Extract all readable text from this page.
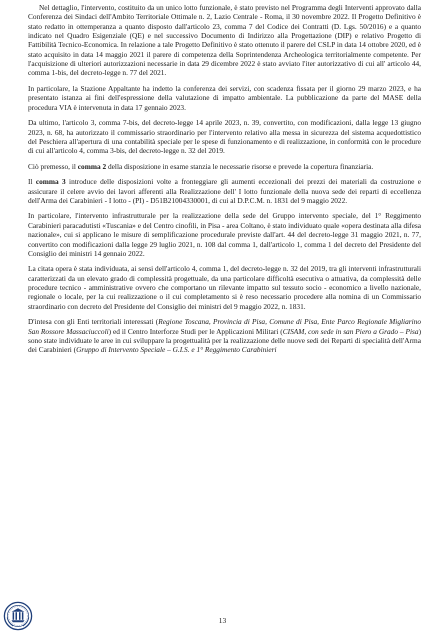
Nel dettaglio, l'intervento, costituito da un unico lotto funzionale, è stato previsto nel Programma degli Interventi approvato dalla Conferenza dei Sindaci dell'Ambito Territoriale Ottimale n. 2, Lazio Centrale - Roma, il 30 novembre 2022. Il Progetto Definitivo è stato redatto in ottemperanza a quanto disposto dall'articolo 23, comma 7 del Codice dei Contratti (D. Lgs. 50/2016) e a quanto indicato nel Quadro Esigenziale (QE) e nel successivo Documento di Indirizzo alla Progettazione (DIP) e relativo Progetto di Fattibilità Tecnico-Economica. In relazione a tale Progetto Definitivo è stato ottenuto il parere del CSLP in data 14 ottobre 2020, ed è stato acquisito in data 14 maggio 2021 il parere di competenza della Soprintendenza Archeologica territorialmente competente. Per l'acquisizione di ulteriori autorizzazioni necessarie in data 29 dicembre 2022 è stato avviato l'iter autorizzativo di cui all' articolo 44, comma 1-bis, del decreto-legge n. 77 del 2021.

In particolare, la Stazione Appaltante ha indetto la conferenza dei servizi, con scadenza fissata per il giorno 29 marzo 2023, e ha presentato istanza ai fini dell'espressione della valutazione di impatto ambientale. La pubblicazione da parte del MASE della procedura VIA è intervenuta in data 17 gennaio 2023.

Da ultimo, l'articolo 3, comma 7-bis, del decreto-legge 14 aprile 2023, n. 39, convertito, con modificazioni, dalla legge 13 giugno 2023, n. 68, ha autorizzato il commissario straordinario per l'intervento relativo alla messa in sicurezza del sistema acquedottistico del Peschiera all'apertura di una contabilità speciale per le spese di funzionamento e di realizzazione, in conformità con le procedure di cui all'articolo 4, comma 3-bis, del decreto-legge n. 32 del 2019.

Ciò premesso, il comma 2 della disposizione in esame stanzia le necessarie risorse e prevede la copertura finanziaria.

Il comma 3 introduce delle disposizioni volte a fronteggiare gli aumenti eccezionali dei prezzi dei materiali da costruzione e assicurare il celere avvio dei lavori afferenti alla Realizzazione dell' I lotto funzionale della nuova sede dei reparti di eccellenza dell'Arma dei Carabinieri - I lotto - (PI) - D51B21004330001, di cui al D.P.C.M. n. 1831 del 9 maggio 2022.

In particolare, l'intervento infrastrutturale per la realizzazione della sede del Gruppo intervento speciale, del 1° Reggimento Carabinieri paracadutisti «Tuscania» e del Centro cinofili, in Pisa - area Coltano, è stato individuato quale «opera destinata alla difesa nazionale», cui si applicano le misure di semplificazione procedurale previste dall'art. 44 del decreto-legge 31 maggio 2021, n. 77, convertito con modificazioni dalla legge 29 luglio 2021, n. 108 dal comma 1, dall'articolo 1, comma 1 del decreto del Presidente del Consiglio dei ministri 14 gennaio 2022.

La citata opera è stata individuata, ai sensi dell'articolo 4, comma 1, del decreto-legge n. 32 del 2019, tra gli interventi infrastrutturali caratterizzati da un elevato grado di complessità progettuale, da una particolare difficoltà esecutiva o attuativa, da complessità delle procedure tecnico - amministrative ovvero che comportano un rilevante impatto sul tessuto socio - economico a livello nazionale, regionale o locale, per la cui realizzazione o il cui completamento si è reso necessario procedere alla nomina di un Commissario straordinario con decreto del Presidente del Consiglio dei ministri del 9 maggio 2022, n. 1831.

D'intesa con gli Enti territoriali interessati (Regione Toscana, Provincia di Pisa, Comune di Pisa, Ente Parco Regionale Migliarino San Rossore Massaciuccoli) ed il Centro Interforze Studi per le Applicazioni Militari (CISAM, con sede in san Piero a Grado – Pisa) sono state individuate le aree in cui sviluppare la progettualità per la realizzazione delle nuove sedi dei Reparti di specialità dell'Arma dei Carabinieri (Gruppo di Intervento Speciale – G.I.S. e 1° Reggimento Carabinieri

13
